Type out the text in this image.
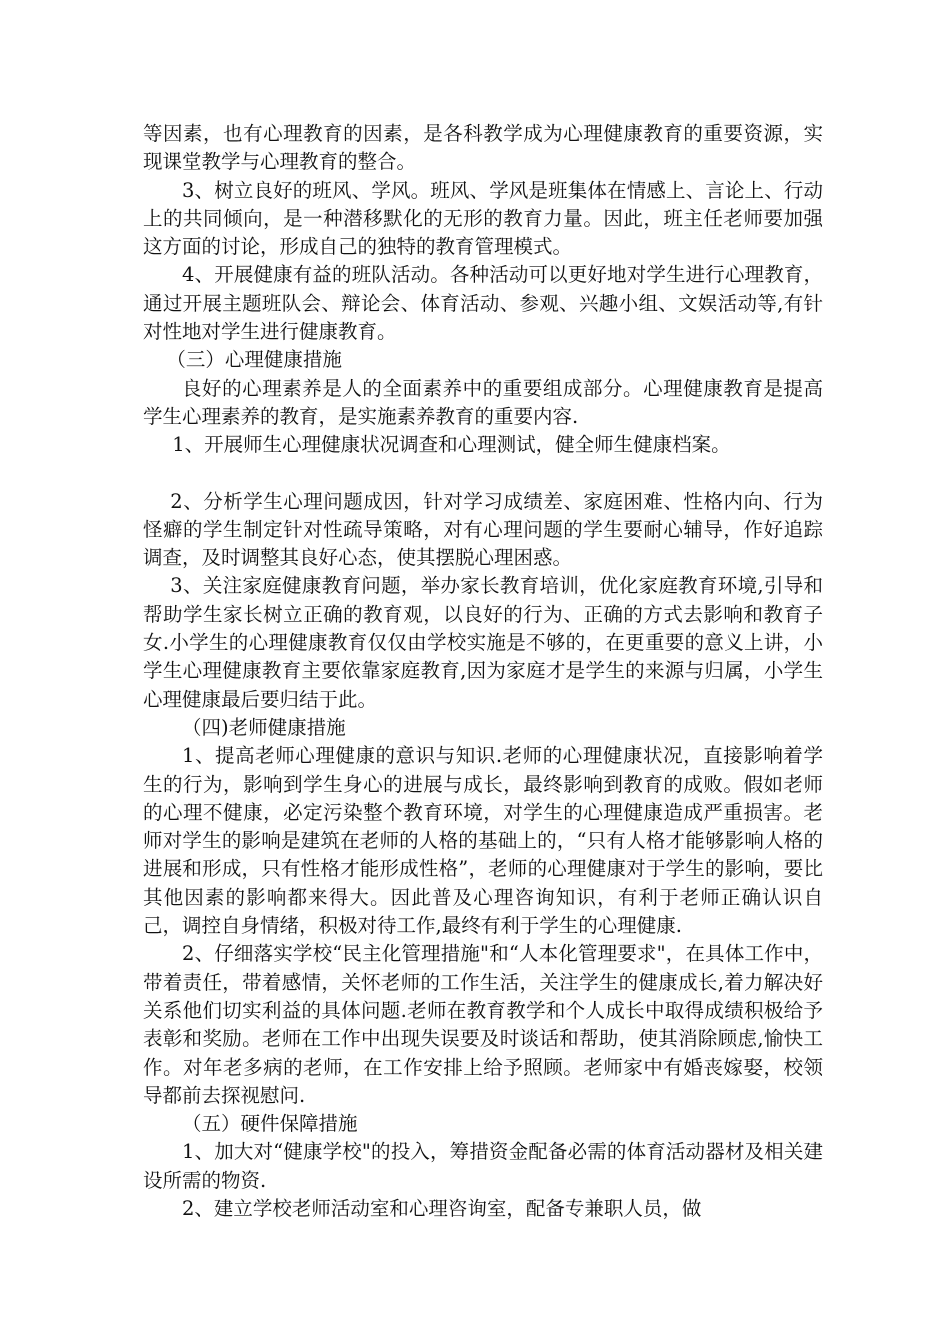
等因素，也有心理教育的因素，是各科教学成为心理健康教育的重要资源，实现课堂教学与心理教育的整合。

3、树立良好的班风、学风。班风、学风是班集体在情感上、言论上、行动上的共同倾向，是一种潜移默化的无形的教育力量。因此，班主任老师要加强这方面的讨论，形成自己的独特的教育管理模式。

4、开展健康有益的班队活动。各种活动可以更好地对学生进行心理教育，通过开展主题班队会、辩论会、体育活动、参观、兴趣小组、文娱活动等,有针对性地对学生进行健康教育。

（三）心理健康措施

良好的心理素养是人的全面素养中的重要组成部分。心理健康教育是提高学生心理素养的教育，是实施素养教育的重要内容.

1、开展师生心理健康状况调查和心理测试，健全师生健康档案。

2、分析学生心理问题成因，针对学习成绩差、家庭困难、性格内向、行为怪癖的学生制定针对性疏导策略，对有心理问题的学生要耐心辅导，作好追踪调查，及时调整其良好心态，使其摆脱心理困惑。

3、关注家庭健康教育问题，举办家长教育培训，优化家庭教育环境,引导和帮助学生家长树立正确的教育观，以良好的行为、正确的方式去影响和教育子女.小学生的心理健康教育仅仅由学校实施是不够的，在更重要的意义上讲，小学生心理健康教育主要依靠家庭教育,因为家庭才是学生的来源与归属，小学生心理健康最后要归结于此。

（四)老师健康措施

1、提高老师心理健康的意识与知识.老师的心理健康状况，直接影响着学生的行为，影响到学生身心的进展与成长，最终影响到教育的成败。假如老师的心理不健康，必定污染整个教育环境，对学生的心理健康造成严重损害。老师对学生的影响是建筑在老师的人格的基础上的，“只有人格才能够影响人格的进展和形成，只有性格才能形成性格”，老师的心理健康对于学生的影响，要比其他因素的影响都来得大。因此普及心理咨询知识，有利于老师正确认识自己，调控自身情绪，积极对待工作,最终有利于学生的心理健康.

2、仔细落实学校“民主化管理措施"和“人本化管理要求"，在具体工作中，带着责任，带着感情，关怀老师的工作生活，关注学生的健康成长,着力解决好关系他们切实利益的具体问题.老师在教育教学和个人成长中取得成绩积极给予表彰和奖励。老师在工作中出现失误要及时谈话和帮助，使其消除顾虑,愉快工作。对年老多病的老师，在工作安排上给予照顾。老师家中有婚丧嫁娶，校领导都前去探视慰问.

（五）硬件保障措施

1、加大对“健康学校"的投入，筹措资金配备必需的体育活动器材及相关建设所需的物资.

2、建立学校老师活动室和心理咨询室，配备专兼职人员，做
